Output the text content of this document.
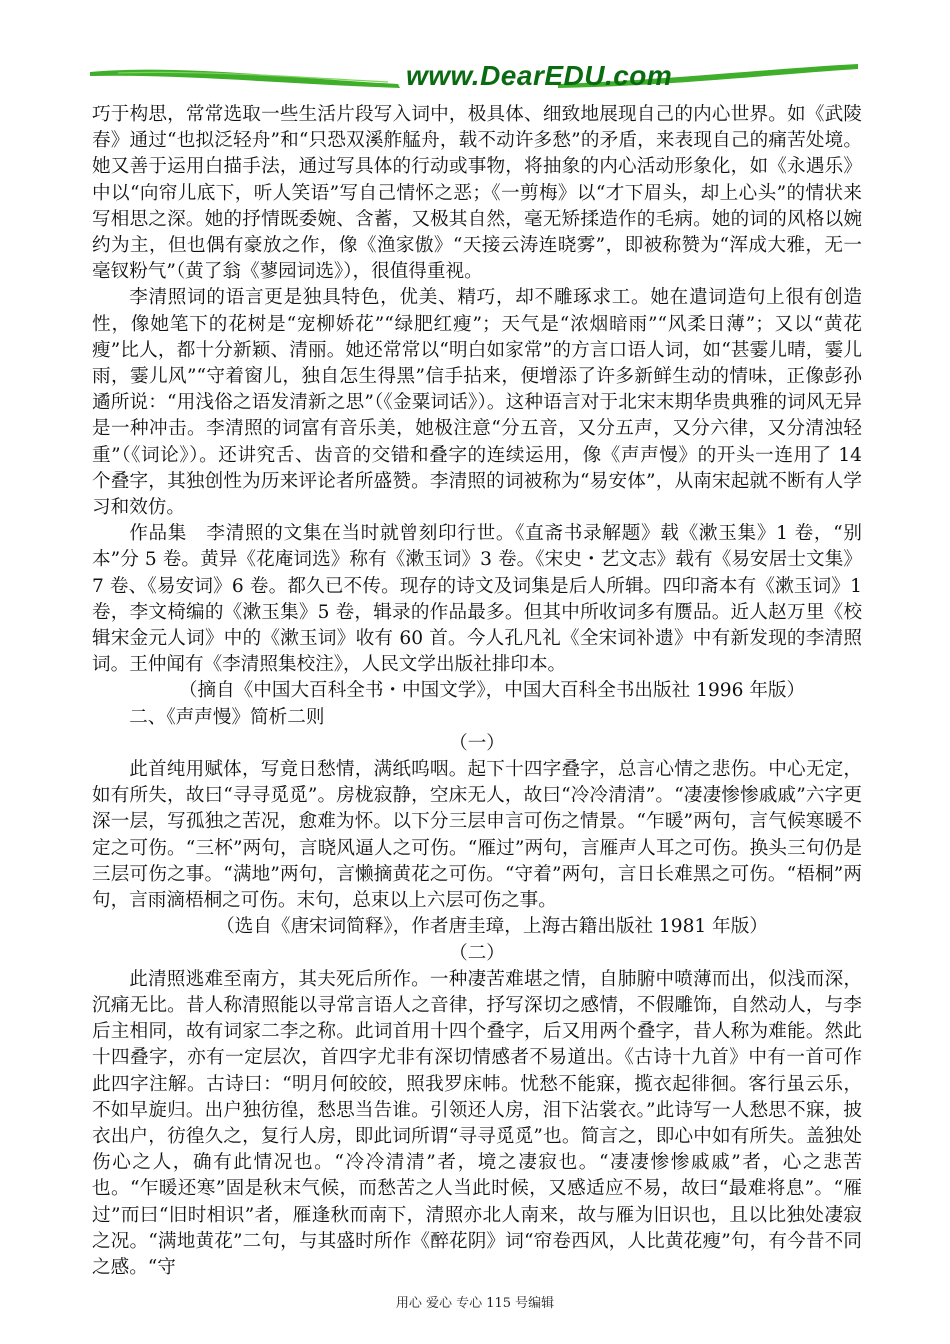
www.DearEDU.com

巧于构思，常常选取一些生活片段写入词中，极具体、细致地展现自己的内心世界。如《武陵春》通过“也拟泛轻舟”和“只恐双溪舴艋舟，载不动许多愁”的矛盾，来表现自己的痛苦处境。她又善于运用白描手法，通过写具体的行动或事物，将抽象的内心活动形象化，如《永遇乐》中以“向帘儿底下，听人笑语”写自己情怀之恶；《一剪梅》以“才下眉头，却上心头”的情状来写相思之深。她的抒情既委婉、含蓄，又极其自然，毫无矫揉造作的毛病。她的词的风格以婉约为主，但也偶有豪放之作，像《渔家傲》“天接云涛连晓雾”，即被称赞为“浑成大雅，无一毫钗粉气”（黄了翁《蓼园词选》），很值得重视。

李清照词的语言更是独具特色，优美、精巧，却不雕琢求工。她在遣词造句上很有创造性，像她笔下的花树是“宠柳娇花”“绿肥红瘦”；天气是“浓烟暗雨”“风柔日薄”；又以“黄花瘦”比人，都十分新颖、清丽。她还常常以“明白如家常”的方言口语人词，如“甚霎儿晴，霎儿雨，霎儿风”“守着窗儿，独自怎生得黑”信手拈来，便增添了许多新鲜生动的情味，正像彭孙遹所说：“用浅俗之语发清新之思”（《金粟词话》）。这种语言对于北宋末期华贵典雅的词风无异是一种冲击。李清照的词富有音乐美，她极注意“分五音，又分五声，又分六律，又分清浊轻重”（《词论》）。还讲究舌、齿音的交错和叠字的连续运用，像《声声慢》的开头一连用了 14 个叠字，其独创性为历来评论者所盛赞。李清照的词被称为“易安体”，从南宋起就不断有人学习和效仿。

作品集　李清照的文集在当时就曾刻印行世。《直斋书录解题》载《漱玉集》1 卷，“别本”分 5 卷。黄异《花庵词选》称有《漱玉词》3 卷。《宋史・艺文志》载有《易安居士文集》7 卷、《易安词》6 卷。都久已不传。现存的诗文及词集是后人所辑。四印斋本有《漱玉词》1 卷，李文椅编的《漱玉集》5 卷，辑录的作品最多。但其中所收词多有赝品。近人赵万里《校辑宋金元人词》中的《漱玉词》收有 60 首。今人孔凡礼《全宋词补遗》中有新发现的李清照词。王仲闻有《李清照集校注》，人民文学出版社排印本。

（摘自《中国大百科全书・中国文学》，中国大百科全书出版社 1996 年版）

二、《声声慢》简析二则

（一）

此首纯用赋体，写竟日愁情，满纸呜咽。起下十四字叠字，总言心情之悲伤。中心无定，如有所失，故曰“寻寻觅觅”。房栊寂静，空床无人，故曰“冷冷清清”。“凄凄惨惨戚戚”六字更深一层，写孤独之苦况，愈难为怀。以下分三层申言可伤之情景。“乍暖”两句，言气候寒暖不定之可伤。“三杯”两句，言晓风逼人之可伤。“雁过”两句，言雁声人耳之可伤。换头三句仍是三层可伤之事。“满地”两句，言懒摘黄花之可伤。“守着”两句，言日长难黑之可伤。“梧桐”两句，言雨滴梧桐之可伤。末句，总束以上六层可伤之事。

（选自《唐宋词简释》，作者唐圭璋，上海古籍出版社 1981 年版）

（二）

此清照逃难至南方，其夫死后所作。一种凄苦难堪之情，自肺腑中喷薄而出，似浅而深，沉痛无比。昔人称清照能以寻常言语人之音律，抒写深切之感情，不假雕饰，自然动人，与李后主相同，故有词家二李之称。此词首用十四个叠字，后又用两个叠字，昔人称为难能。然此十四叠字，亦有一定层次，首四字尤非有深切情感者不易道出。《古诗十九首》中有一首可作此四字注解。古诗曰：“明月何皎皎，照我罗床帏。忧愁不能寐，揽衣起徘徊。客行虽云乐，不如早旋归。出户独彷徨，愁思当告谁。引领还人房，泪下沾裳衣。”此诗写一人愁思不寐，披衣出户，彷徨久之，复行人房，即此词所谓“寻寻觅觅”也。简言之，即心中如有所失。盖独处伤心之人，确有此情况也。“冷冷清清”者，境之凄寂也。“凄凄惨惨戚戚”者，心之悲苦也。“乍暖还寒”固是秋末气候，而愁苦之人当此时候，又感适应不易，故曰“最难将息”。“雁过”而曰“旧时相识”者，雁逢秋而南下，清照亦北人南来，故与雁为旧识也，且以比独处凄寂之况。“满地黄花”二句，与其盛时所作《醉花阴》词“帘卷西风，人比黄花瘦”句，有今昔不同之感。“守

用心 爱心 专心 115 号编辑
